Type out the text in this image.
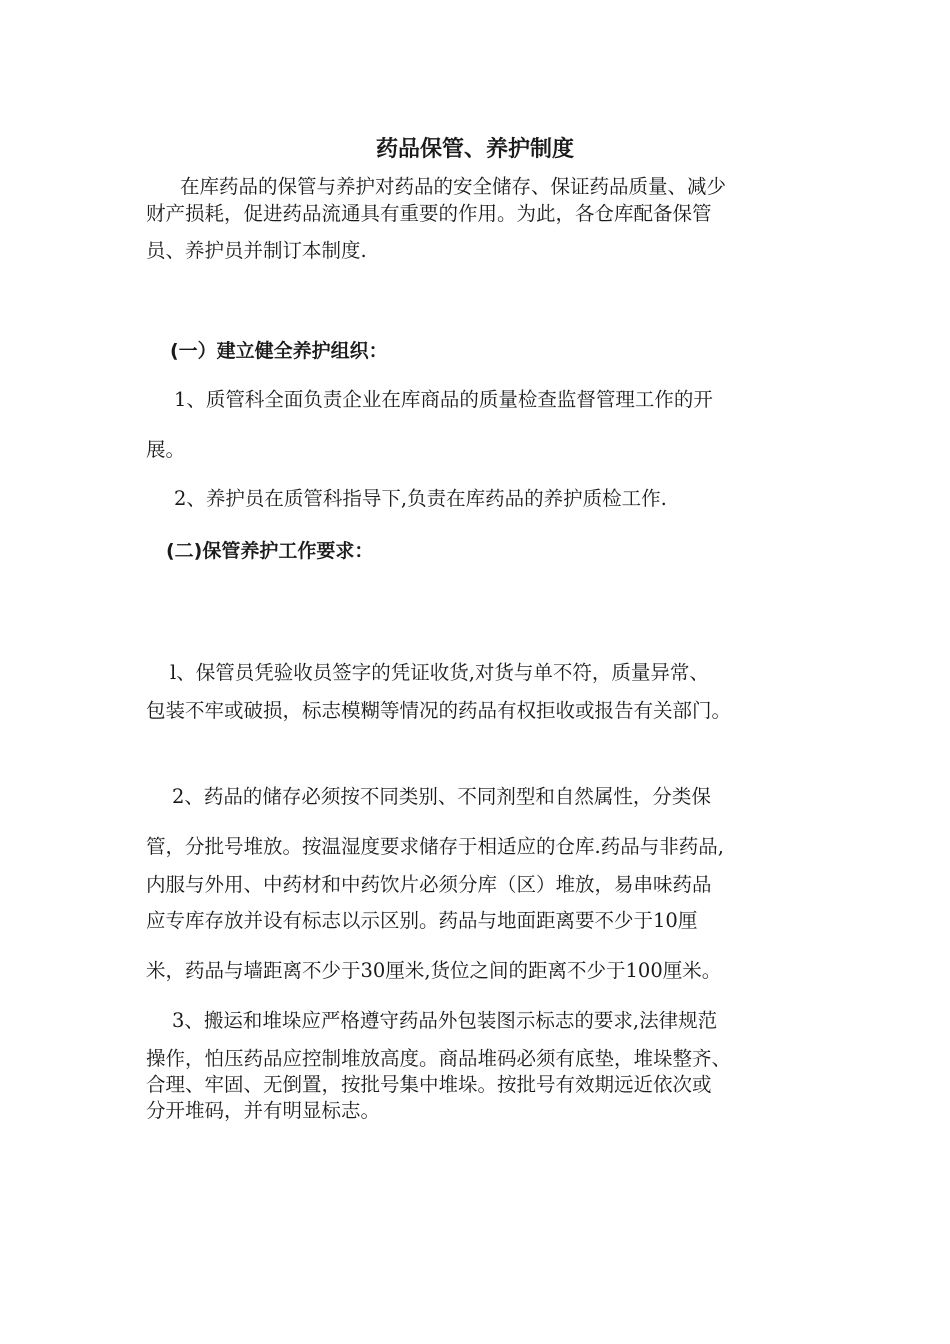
药品保管、养护制度
在库药品的保管与养护对药品的安全储存、保证药品质量、减少
财产损耗，促进药品流通具有重要的作用。为此，各仓库配备保管
员、养护员并制订本制度.
(一）建立健全养护组织：
1、质管科全面负责企业在库商品的质量检查监督管理工作的开
展。
2、养护员在质管科指导下,负责在库药品的养护质检工作.
(二)保管养护工作要求：
l、保管员凭验收员签字的凭证收货,对货与单不符，质量异常、
包装不牢或破损，标志模糊等情况的药品有权拒收或报告有关部门。
2、药品的储存必须按不同类别、不同剂型和自然属性，分类保
管，分批号堆放。按温湿度要求储存于相适应的仓库.药品与非药品,
内服与外用、中药材和中药饮片必须分库（区）堆放，易串味药品
应专库存放并设有标志以示区别。药品与地面距离要不少于10厘
米，药品与墙距离不少于30厘米,货位之间的距离不少于100厘米。
3、搬运和堆垛应严格遵守药品外包装图示标志的要求,法律规范
操作，怕压药品应控制堆放高度。商品堆码必须有底垫，堆垛整齐、
合理、牢固、无倒置，按批号集中堆垛。按批号有效期远近依次或
分开堆码，并有明显标志。
